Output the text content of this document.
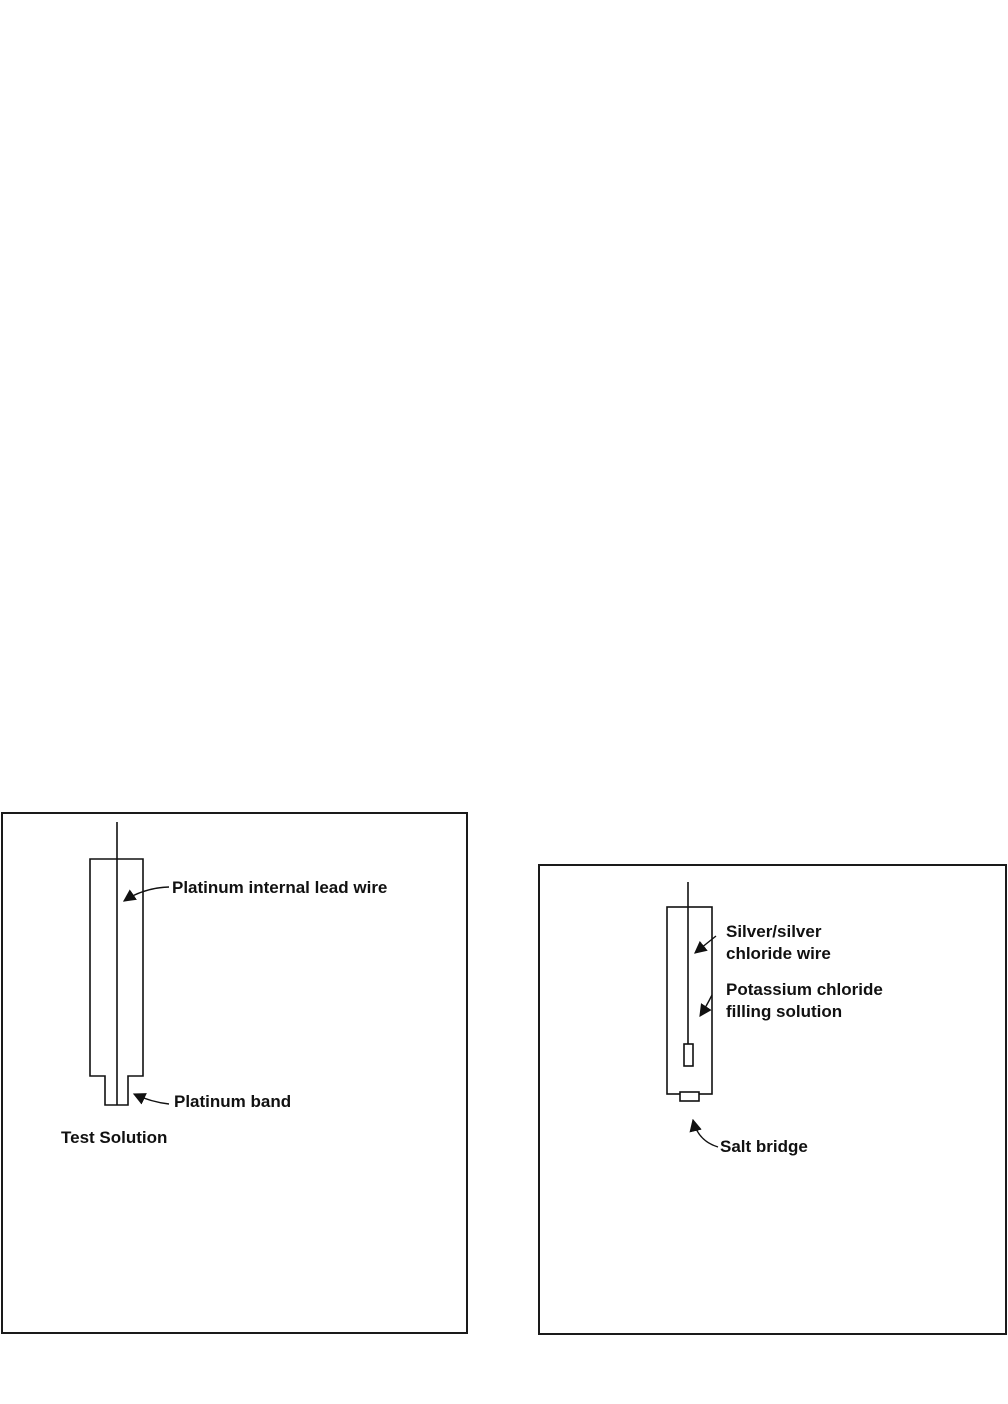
Platinum internal lead wire

Platinum band

Test Solution

Silver/silver

chloride wire

Potassium chloride

filling solution

Salt bridge
